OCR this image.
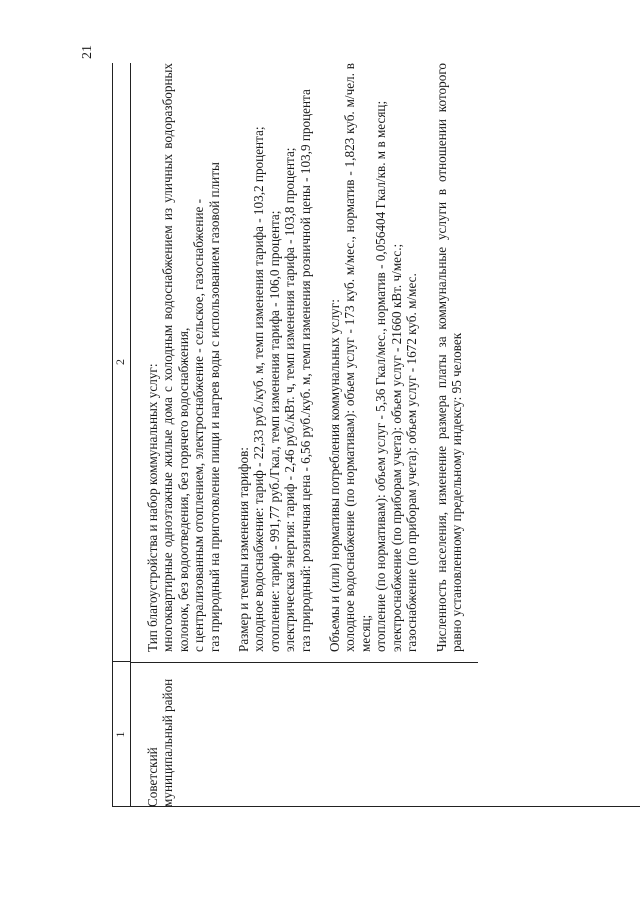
21
1
2
Советский муниципальный район
Тип благоустройства и набор коммунальных услуг: многоквартирные одноэтажные жилые дома с холодным водоснабжением из уличных водоразборных колонок, без водоотведения, без горячего водоснабжения, с централизованным отоплением, электроснабжение - сельское, газоснабжение - газ природный на приготовление пищи и нагрев воды с использованием газовой плиты Размер и темпы изменения тарифов: холодное водоснабжение: тариф - 22,33 руб./куб. м, темп изменения тарифа - 103,2 процента; отопление: тариф - 991,77 руб./Гкал, темп изменения тарифа - 106,0 процента; электрическая энергия: тариф - 2,46 руб./кВт. ч, темп изменения тарифа - 103,8 процента; газ природный: розничная цена - 6,56 руб./куб. м, темп изменения розничной цены - 103,9 процента Объемы и (или) нормативы потребления коммунальных услуг: холодное водоснабжение (по нормативам): объем услуг - 173 куб. м/мес., норматив - 1,823 куб. м/чел. в месяц; отопление (по нормативам): объем услуг - 5,36 Гкал/мес., норматив - 0,056404 Гкал/кв. м в месяц; электроснабжение (по приборам учета): объем услуг - 21660 кВт. ч/мес.; газоснабжение (по приборам учета): объем услуг - 1672 куб. м/мес. Численность населения, изменение размера платы за коммунальные услуги в отношении которого равно установленному предельному индексу: 95 человек
